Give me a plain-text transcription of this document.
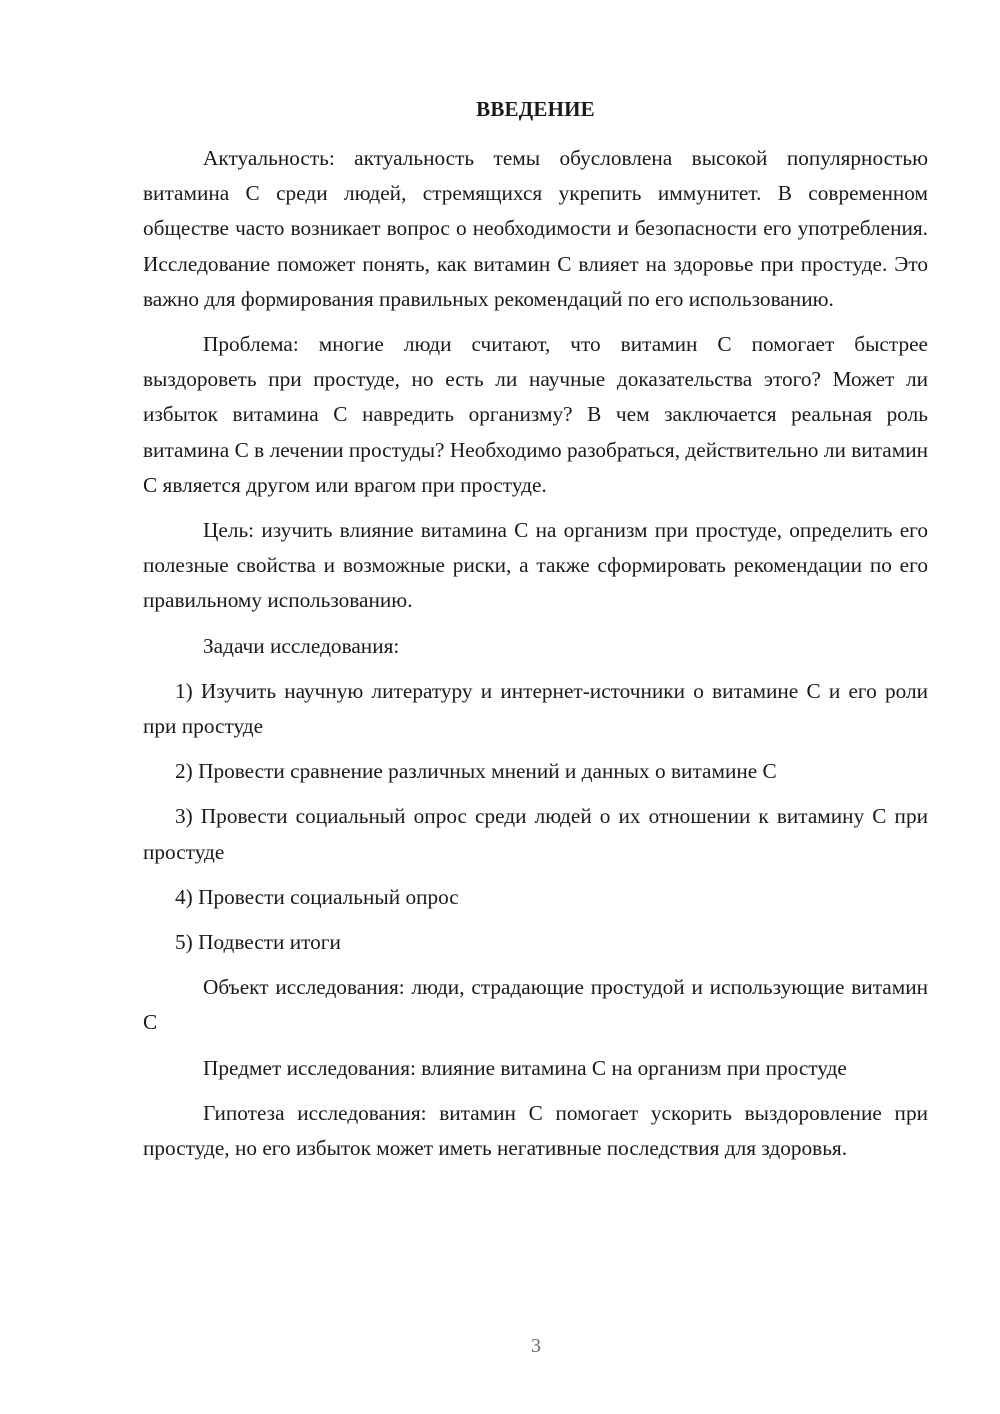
ВВЕДЕНИЕ

Актуальность: актуальность темы обусловлена высокой популярностью витамина С среди людей, стремящихся укрепить иммунитет. В современном обществе часто возникает вопрос о необходимости и безопасности его употребления. Исследование поможет понять, как витамин С влияет на здоровье при простуде. Это важно для формирования правильных рекомендаций по его использованию.

Проблема: многие люди считают, что витамин С помогает быстрее выздороветь при простуде, но есть ли научные доказательства этого? Может ли избыток витамина С навредить организму? В чем заключается реальная роль витамина С в лечении простуды? Необходимо разобраться, действительно ли витамин С является другом или врагом при простуде.

Цель: изучить влияние витамина С на организм при простуде, определить его полезные свойства и возможные риски, а также сформировать рекомендации по его правильному использованию.

Задачи исследования:

1) Изучить научную литературу и интернет-источники о витамине С и его роли при простуде

2) Провести сравнение различных мнений и данных о витамине С

3) Провести социальный опрос среди людей о их отношении к витамину С при простуде

4) Провести социальный опрос

5) Подвести итоги

Объект исследования: люди, страдающие простудой и использующие витамин С

Предмет исследования: влияние витамина С на организм при простуде

Гипотеза исследования: витамин С помогает ускорить выздоровление при простуде, но его избыток может иметь негативные последствия для здоровья.

3
